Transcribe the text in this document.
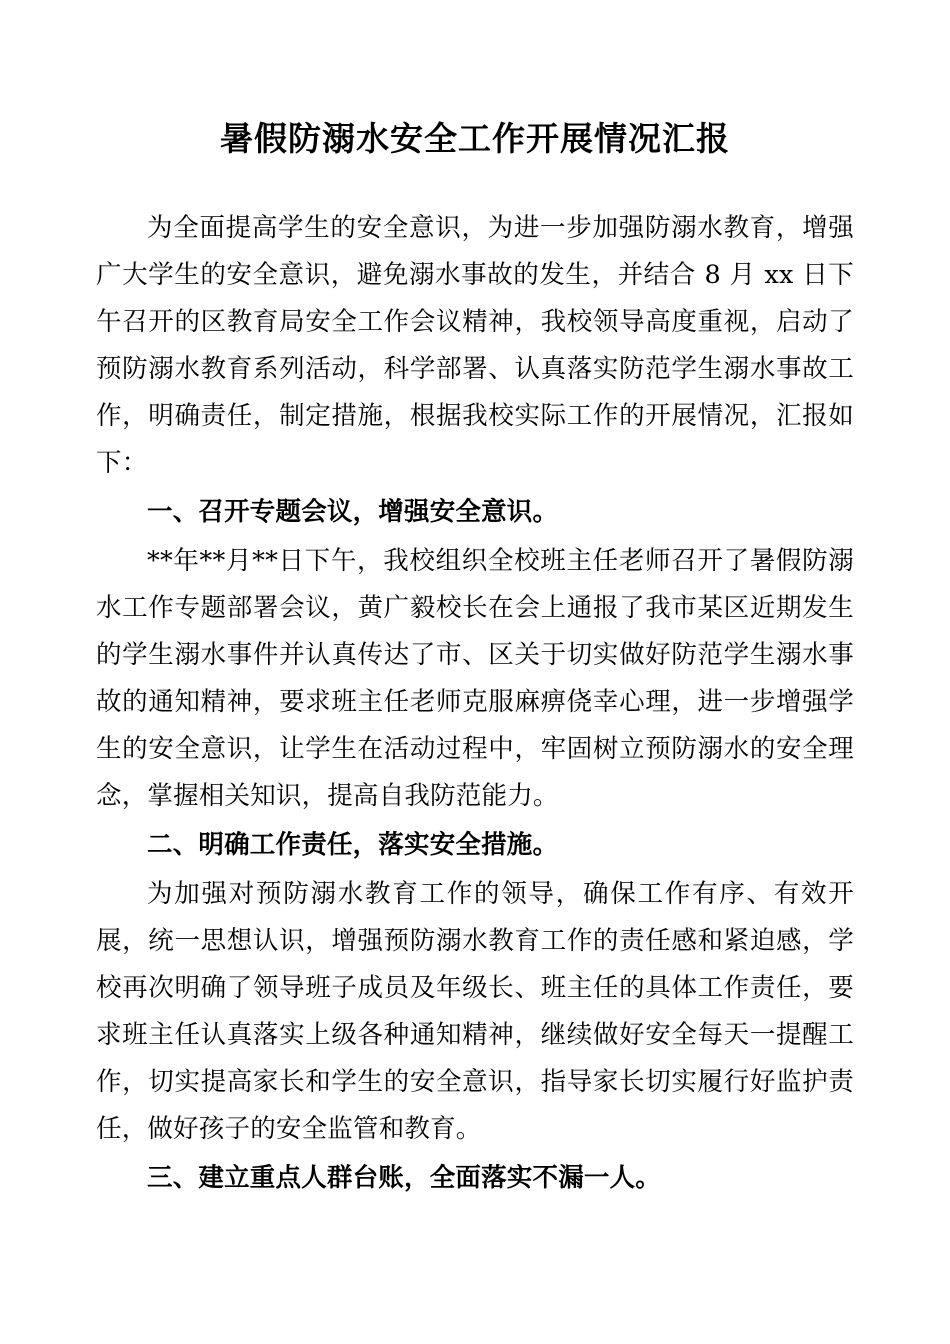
暑假防溺水安全工作开展情况汇报

为全面提高学生的安全意识，为进一步加强防溺水教育，增强广大学生的安全意识，避免溺水事故的发生，并结合 8 月 xx 日下午召开的区教育局安全工作会议精神，我校领导高度重视，启动了预防溺水教育系列活动，科学部署、认真落实防范学生溺水事故工作，明确责任，制定措施，根据我校实际工作的开展情况，汇报如下：

一、召开专题会议，增强安全意识。

**年**月**日下午，我校组织全校班主任老师召开了暑假防溺水工作专题部署会议，黄广毅校长在会上通报了我市某区近期发生的学生溺水事件并认真传达了市、区关于切实做好防范学生溺水事故的通知精神，要求班主任老师克服麻痹侥幸心理，进一步增强学生的安全意识，让学生在活动过程中，牢固树立预防溺水的安全理念，掌握相关知识，提高自我防范能力。

二、明确工作责任，落实安全措施。

为加强对预防溺水教育工作的领导，确保工作有序、有效开展，统一思想认识，增强预防溺水教育工作的责任感和紧迫感，学校再次明确了领导班子成员及年级长、班主任的具体工作责任，要求班主任认真落实上级各种通知精神，继续做好安全每天一提醒工作，切实提高家长和学生的安全意识，指导家长切实履行好监护责任，做好孩子的安全监管和教育。

三、建立重点人群台账，全面落实不漏一人。
